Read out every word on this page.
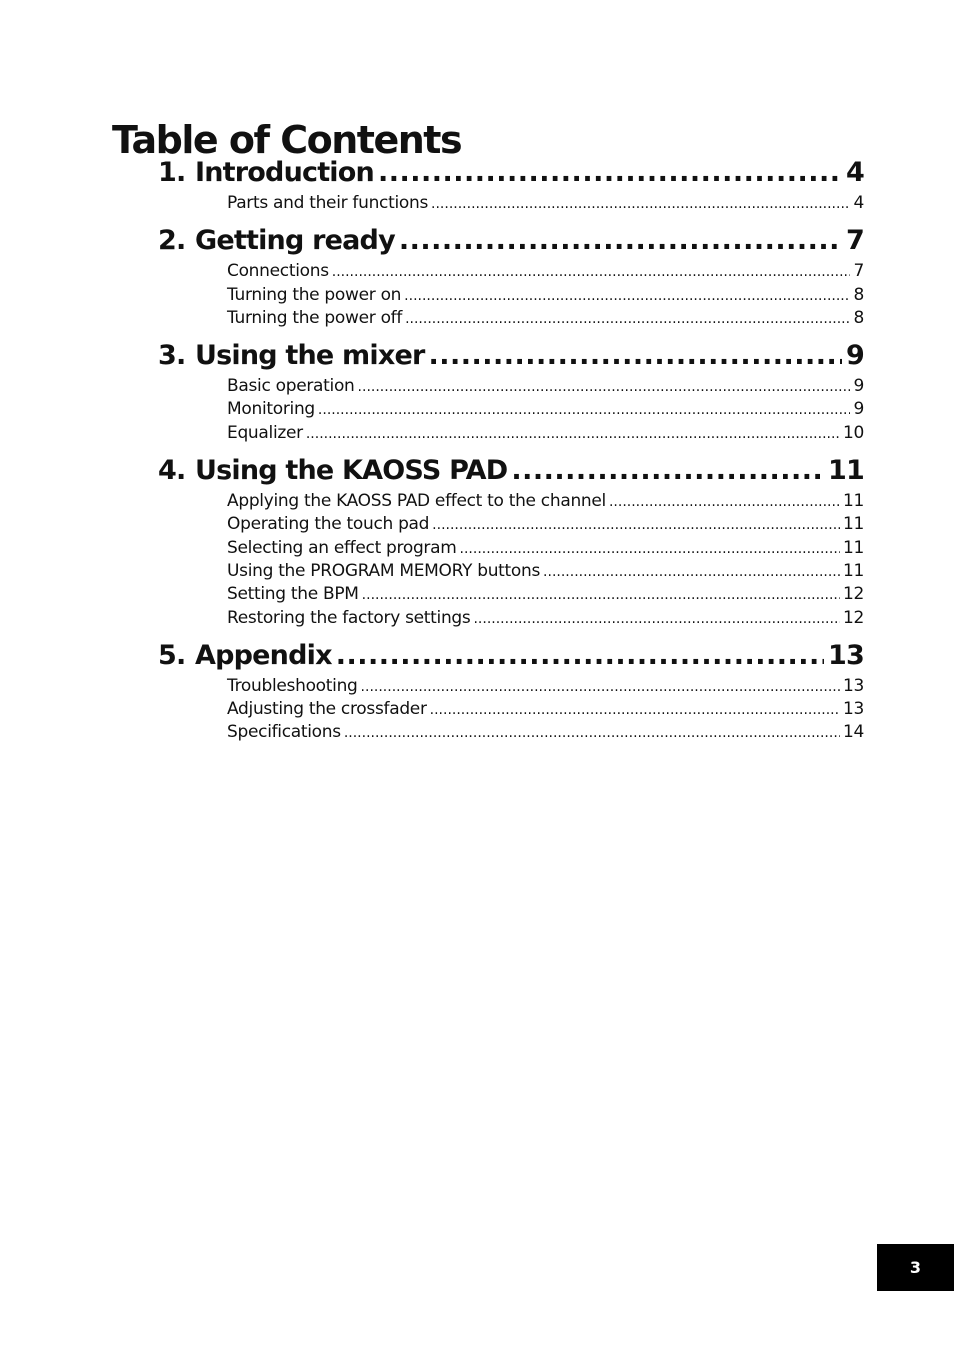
Table of Contents
1. Introduction .....	4
Parts and their functions .....	4
2. Getting ready .....	7
Connections .....	7
Turning the power on .....	8
Turning the power off .....	8
3. Using the mixer .....	9
Basic operation .....	9
Monitoring .....	9
Equalizer .....	10
4. Using the KAOSS PAD .....	11
Applying the KAOSS PAD effect to the channel .....	11
Operating the touch pad .....	11
Selecting an effect program .....	11
Using the PROGRAM MEMORY buttons .....	11
Setting the BPM .....	12
Restoring the factory settings .....	12
5. Appendix .....	13
Troubleshooting .....	13
Adjusting the crossfader .....	13
Specifications .....	14
3
